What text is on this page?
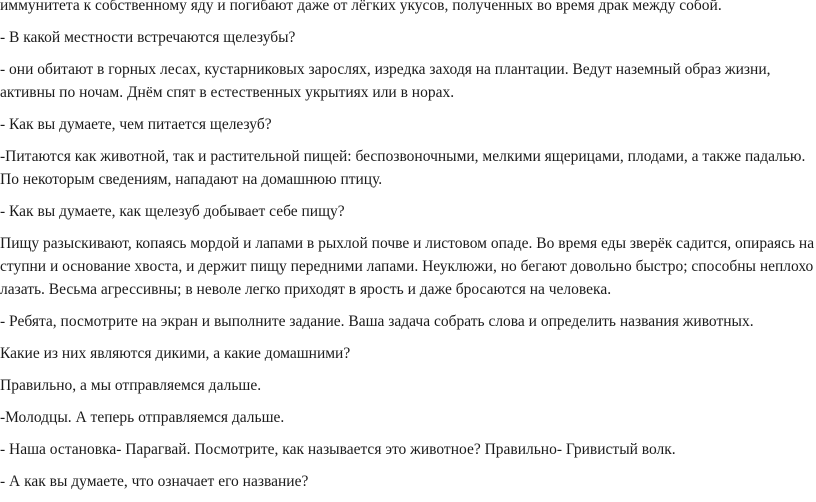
иммунитета к собственному яду и погибают даже от лёгких укусов, полученных во время драк между собой.

- В какой местности встречаются щелезубы?

- они обитают в горных лесах, кустарниковых зарослях, изредка заходя на плантации. Ведут наземный образ жизни, активны по ночам. Днём спят в естественных укрытиях или в норах.

- Как вы думаете, чем питается щелезуб?

-Питаются как животной, так и растительной пищей: беспозвоночными, мелкими ящерицами, плодами, а также падалью. По некоторым сведениям, нападают на домашнюю птицу.

- Как вы думаете, как щелезуб добывает себе пищу?

Пищу разыскивают, копаясь мордой и лапами в рыхлой почве и листовом опаде. Во время еды зверёк садится, опираясь на ступни и основание хвоста, и держит пищу передними лапами. Неуклюжи, но бегают довольно быстро; способны неплохо лазать. Весьма агрессивны; в неволе легко приходят в ярость и даже бросаются на человека.

- Ребята, посмотрите на экран и выполните задание. Ваша задача собрать слова и определить названия животных.

Какие из них являются дикими, а какие домашними?

Правильно, а мы отправляемся дальше.

-Молодцы. А теперь отправляемся дальше.

- Наша остановка- Парагвай. Посмотрите, как называется это животное? Правильно- Гривистый волк.

- А как вы думаете, что означает его название?
